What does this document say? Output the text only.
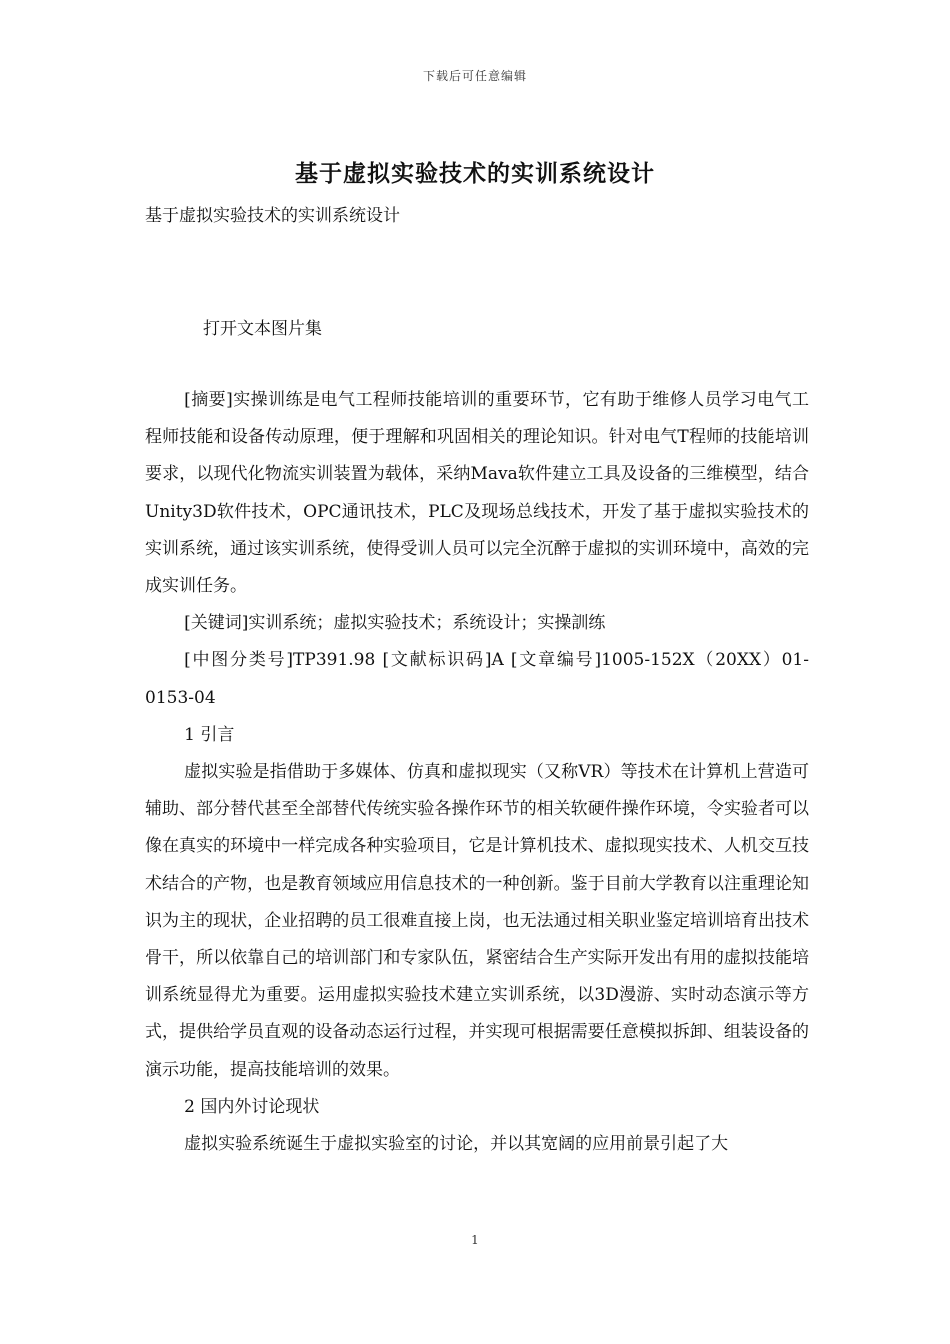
下载后可任意编辑
基于虚拟实验技术的实训系统设计
基于虚拟实验技术的实训系统设计
打开文本图片集

[摘要]实操训练是电气工程师技能培训的重要环节，它有助于维修人员学习电气工程师技能和设备传动原理，便于理解和巩固相关的理论知识。针对电气T程师的技能培训要求，以现代化物流实训装置为载体，采纳Mava软件建立工具及设备的三维模型，结合Unity3D软件技术，OPC通讯技术，PLC及现场总线技术，开发了基于虚拟实验技术的实训系统，通过该实训系统，使得受训人员可以完全沉醉于虚拟的实训环境中，高效的完成实训任务。

[关键词]实训系统；虚拟实验技术；系统设计；实操訓练

[中图分类号]TP391.98 [文献标识码]A [文章编号]1005-152X（20XX）01-0153-04

1 引言

虚拟实验是指借助于多媒体、仿真和虚拟现实（又称VR）等技术在计算机上营造可辅助、部分替代甚至全部替代传统实验各操作环节的相关软硬件操作环境，令实验者可以像在真实的环境中一样完成各种实验项目，它是计算机技术、虚拟现实技术、人机交互技术结合的产物，也是教育领域应用信息技术的一种创新。鉴于目前大学教育以注重理论知识为主的现状，企业招聘的员工很难直接上岗，也无法通过相关职业鉴定培训培育出技术骨干，所以依靠自己的培训部门和专家队伍，紧密结合生产实际开发出有用的虚拟技能培训系统显得尤为重要。运用虚拟实验技术建立实训系统，以3D漫游、实时动态演示等方式，提供给学员直观的设备动态运行过程，并实现可根据需要任意模拟拆卸、组装设备的演示功能，提高技能培训的效果。

2 国内外讨论现状

虚拟实验系统诞生于虚拟实验室的讨论，并以其宽阔的应用前景引起了大

1
